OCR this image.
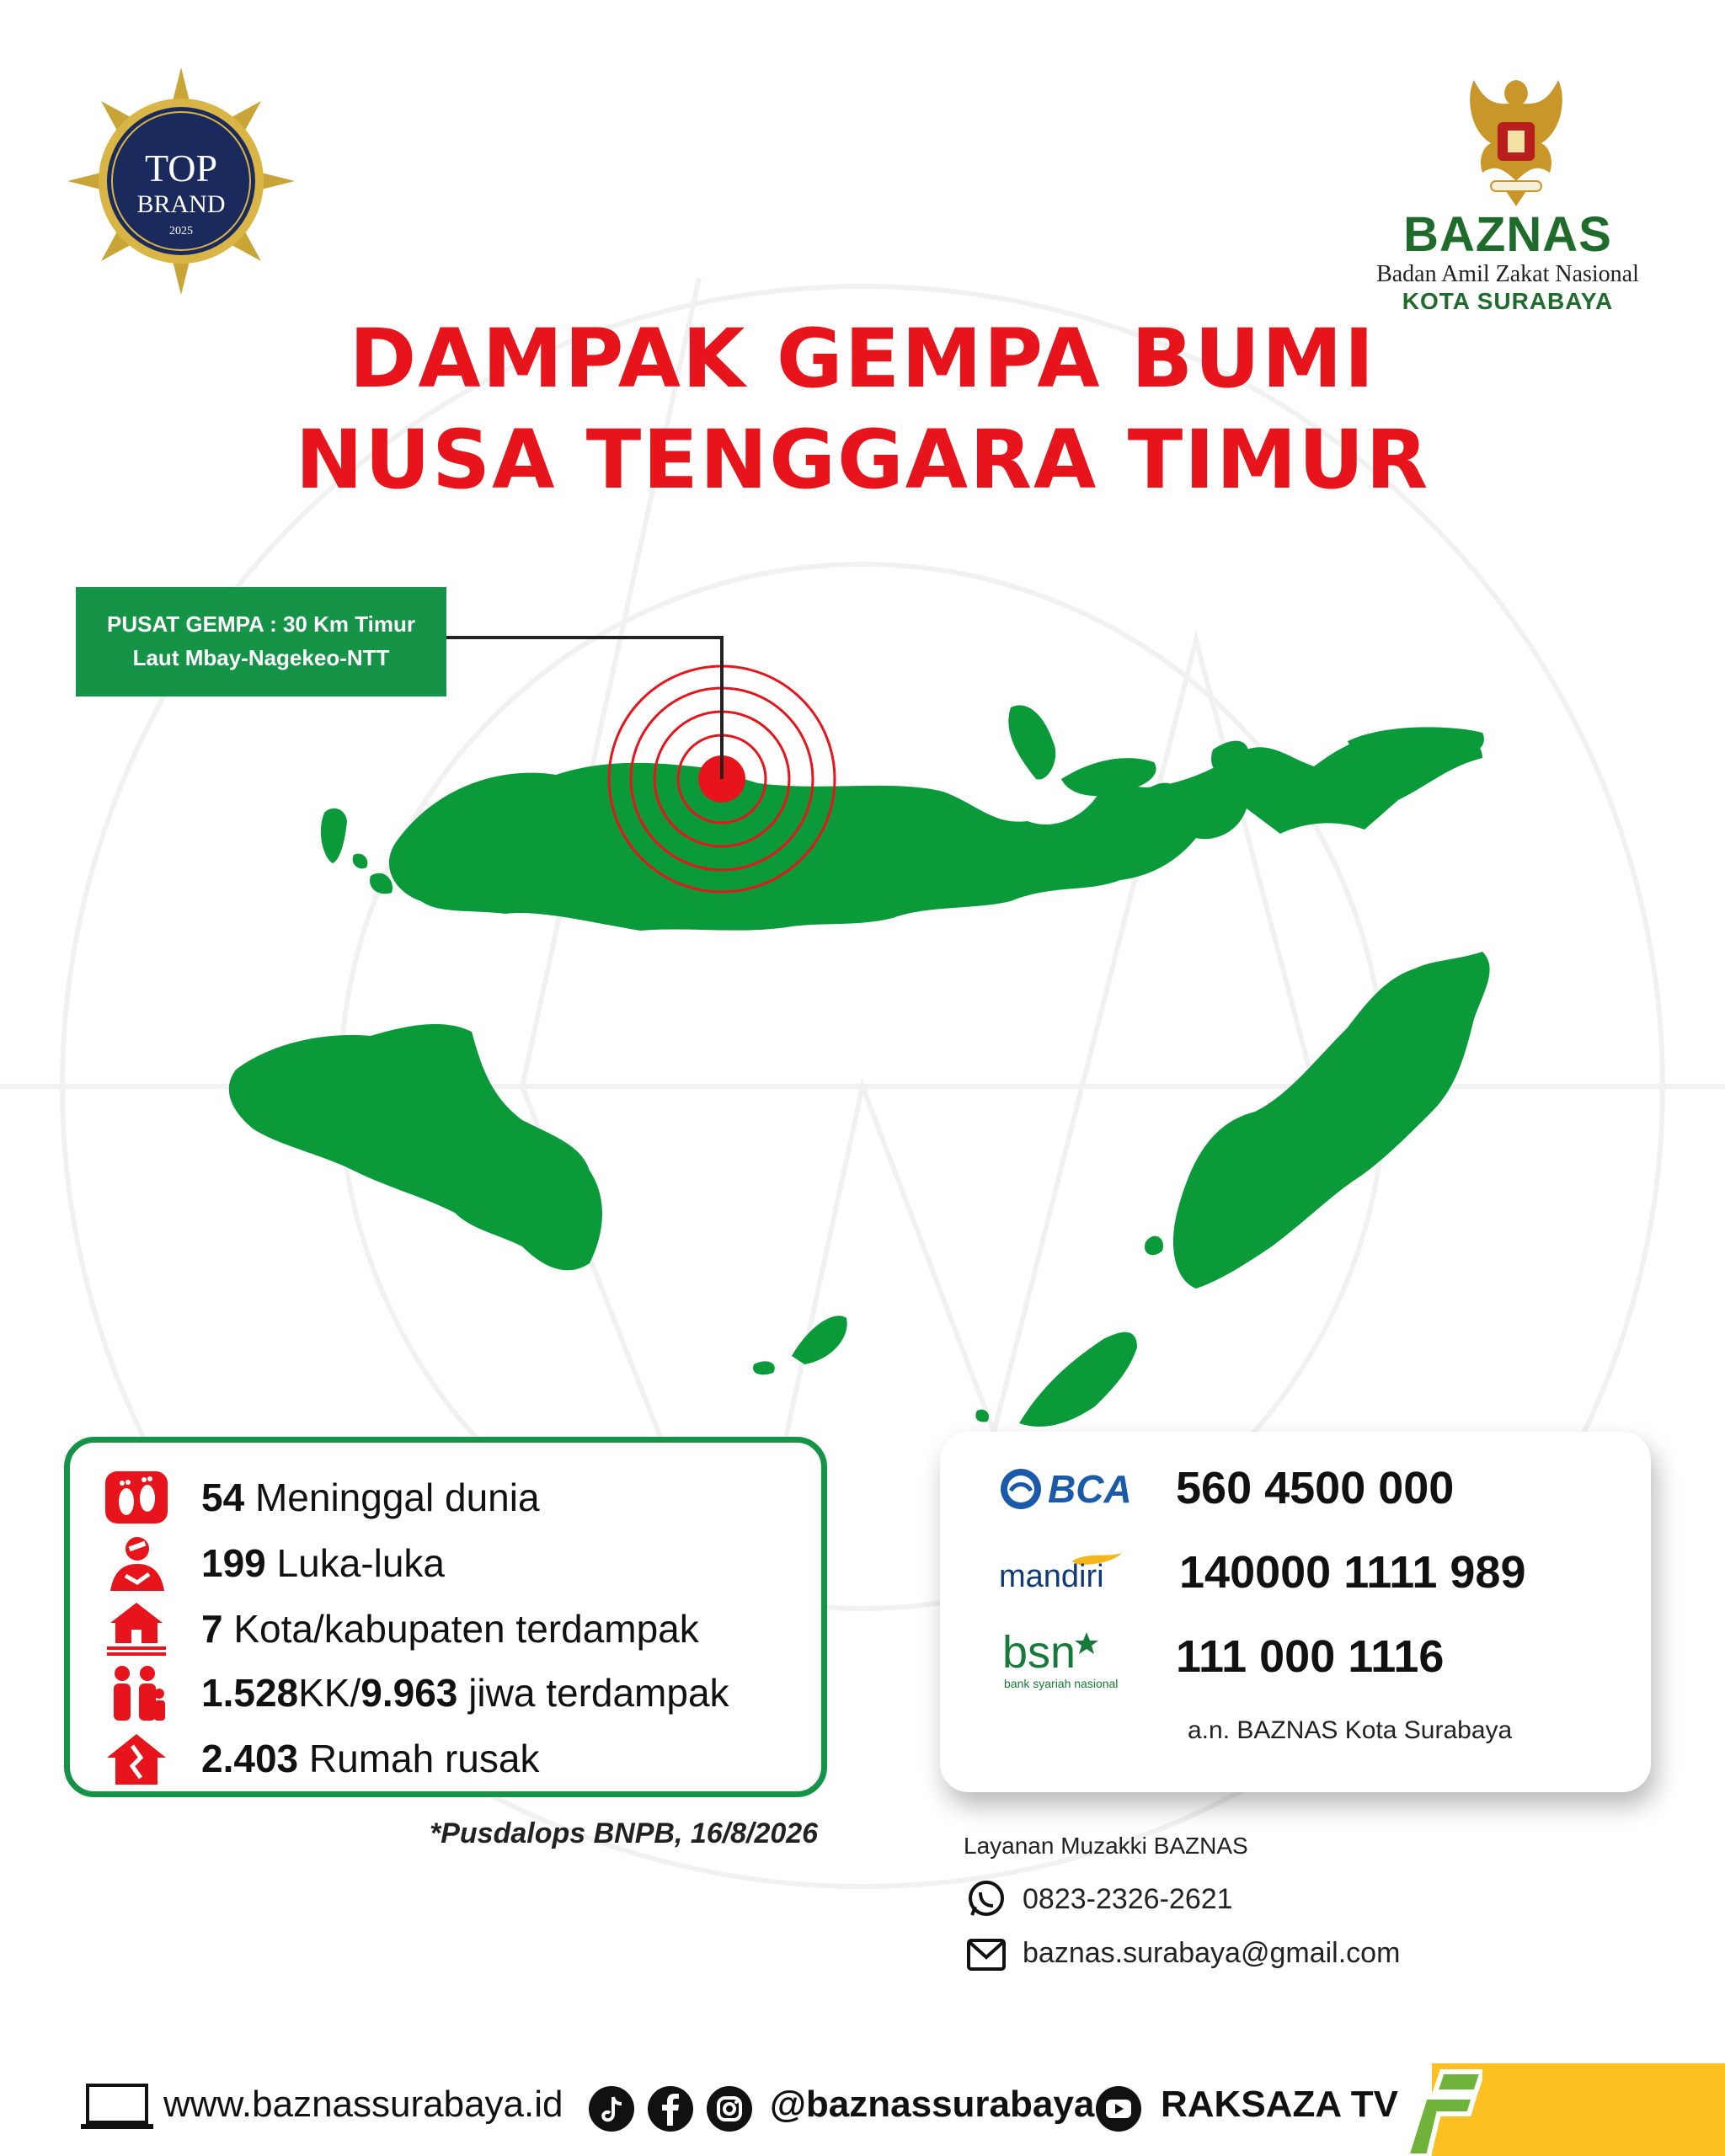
TOP
BRAND
2025	BAZNAS
Badan Amil Zakat Nasional
KOTA SURABAYA
DAMPAK GEMPA BUMI
NUSA TENGGARA TIMUR
PUSAT GEMPA : 30 Km Timur
Laut Mbay-Nagekeo-NTT
54 Meninggal dunia
199 Luka-luka
7 Kota/kabupaten terdampak
1.528KK/9.963 jiwa terdampak
2.403 Rumah rusak
*Pusdalops BNPB, 16/8/2026
BCA 560 4500 000
mandiri 140000 1111 989
bsn
bank syariah nasional
111 000 1116
a.n. BAZNAS Kota Surabaya
Layanan Muzakki BAZNAS
0823-2326-2621
baznas.surabaya@gmail.com
www.baznassurabaya.id	@baznassurabaya RAKSAZA TV
